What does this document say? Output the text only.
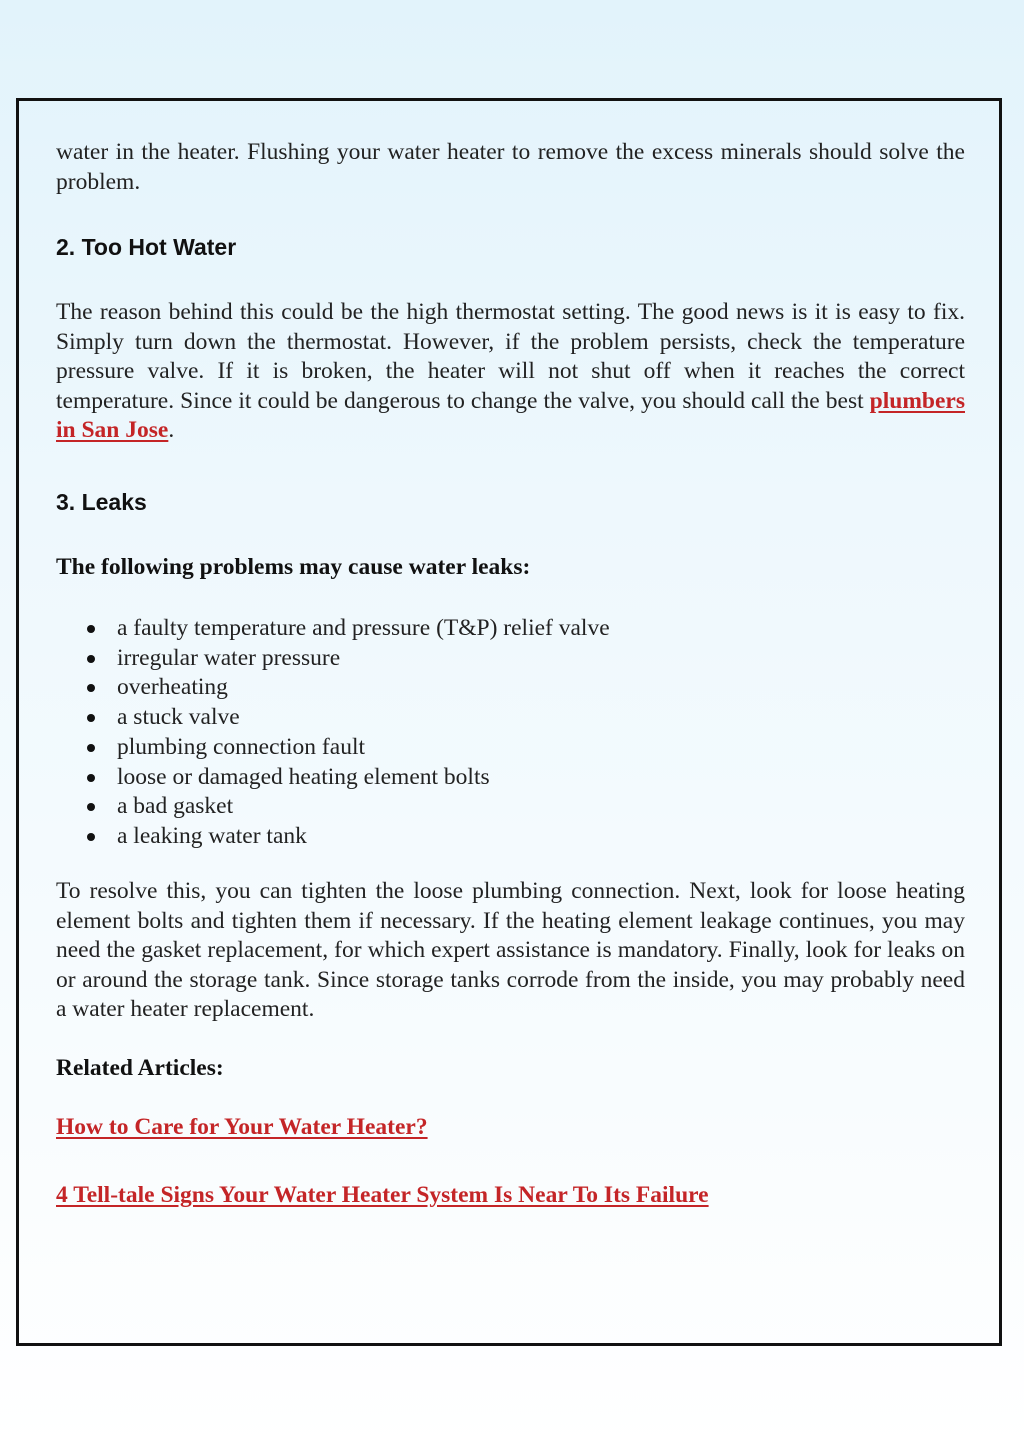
water in the heater. Flushing your water heater to remove the excess minerals should solve the problem.

2. Too Hot Water

The reason behind this could be the high thermostat setting. The good news is it is easy to fix. Simply turn down the thermostat. However, if the problem persists, check the temperature pressure valve. If it is broken, the heater will not shut off when it reaches the correct temperature. Since it could be dangerous to change the valve, you should call the best plumbers in San Jose.

3. Leaks

The following problems may cause water leaks:

a faulty temperature and pressure (T&P) relief valve
irregular water pressure
overheating
a stuck valve
plumbing connection fault
loose or damaged heating element bolts
a bad gasket
a leaking water tank

To resolve this, you can tighten the loose plumbing connection. Next, look for loose heating element bolts and tighten them if necessary. If the heating element leakage continues, you may need the gasket replacement, for which expert assistance is mandatory. Finally, look for leaks on or around the storage tank. Since storage tanks corrode from the inside, you may probably need a water heater replacement.

Related Articles:

How to Care for Your Water Heater?

4 Tell-tale Signs Your Water Heater System Is Near To Its Failure
